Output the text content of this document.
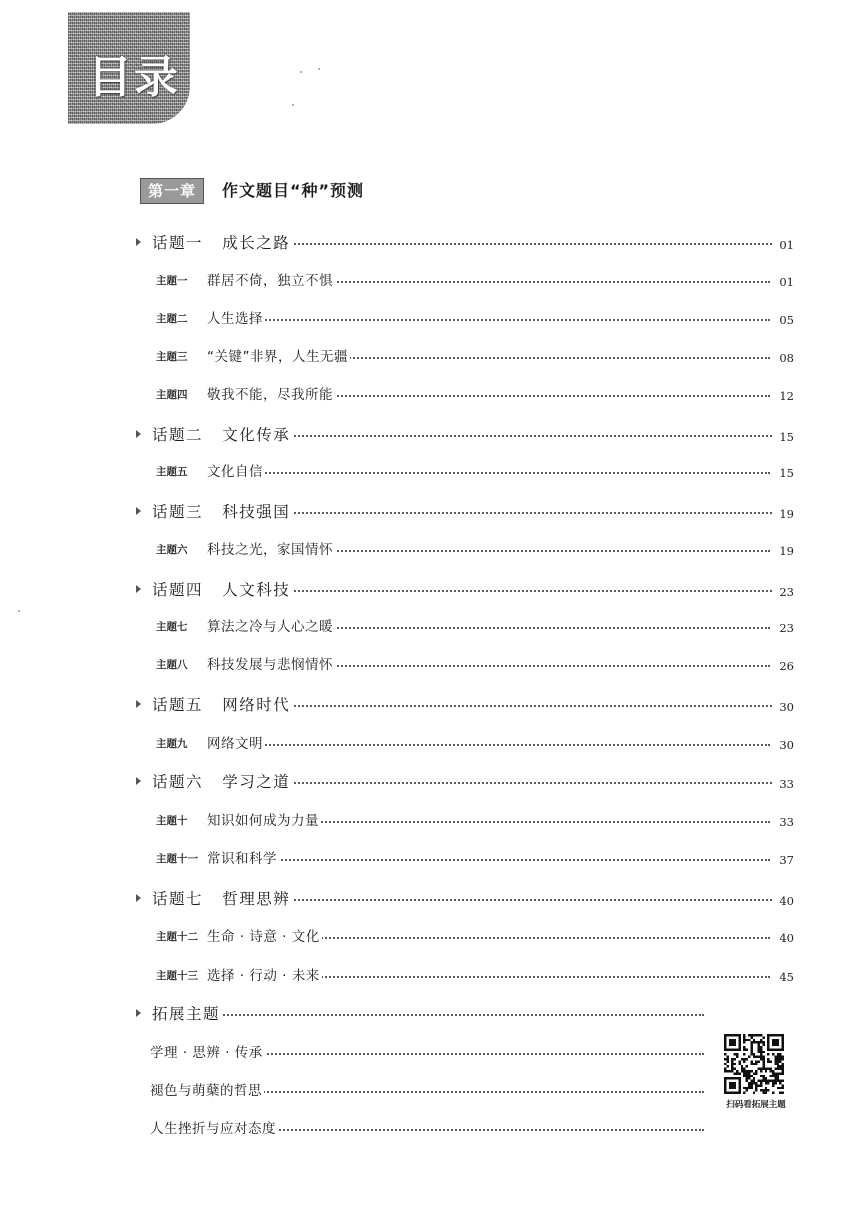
目录
第一章	作文题目“种”预测
话题一 成长之路	01
主题一 群居不倚，独立不惧	01
主题二 人生选择	05
主题三 “关键”非界，人生无疆	08
主题四 敬我不能，尽我所能	12
话题二 文化传承	15
主题五 文化自信	15
话题三 科技强国	19
主题六 科技之光，家国情怀	19
话题四 人文科技	23
主题七 算法之冷与人心之暖	23
主题八 科技发展与悲悯情怀	26
话题五 网络时代	30
主题九 网络文明	30
话题六 学习之道	33
主题十 知识如何成为力量	33
主题十一 常识和科学	37
话题七 哲理思辨	40
主题十二 生命 · 诗意 · 文化	40
主题十三 选择 · 行动 · 未来	45
拓展主题
学理 · 思辨 · 传承
褪色与萌蘖的哲思
人生挫折与应对态度
扫码看拓展主题
